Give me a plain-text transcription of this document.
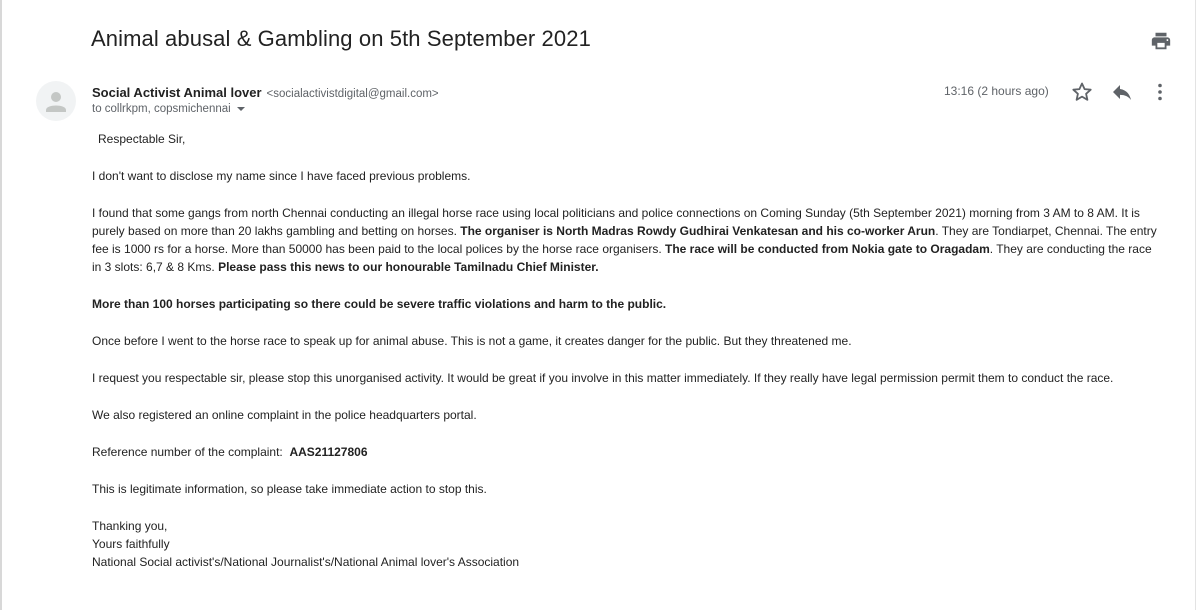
Animal abusal & Gambling on 5th September 2021
Social Activist Animal lover <socialactivistdigital@gmail.com>
to collrkpm, copsmichennai
13:16 (2 hours ago)

Respectable Sir,

I don't want to disclose my name since I have faced previous problems.

I found that some gangs from north Chennai conducting an illegal horse race using local politicians and police connections on Coming Sunday (5th September 2021) morning from 3 AM to 8 AM. It is purely based on more than 20 lakhs gambling and betting on horses. The organiser is North Madras Rowdy Gudhirai Venkatesan and his co-worker Arun. They are Tondiarpet, Chennai. The entry fee is 1000 rs for a horse. More than 50000 has been paid to the local polices by the horse race organisers. The race will be conducted from Nokia gate to Oragadam. They are conducting the race in 3 slots: 6,7 & 8 Kms. Please pass this news to our honourable Tamilnadu Chief Minister.

More than 100 horses participating so there could be severe traffic violations and harm to the public.

Once before I went to the horse race to speak up for animal abuse. This is not a game, it creates danger for the public. But they threatened me.

I request you respectable sir, please stop this unorganised activity. It would be great if you involve in this matter immediately. If they really have legal permission permit them to conduct the race.

We also registered an online complaint in the police headquarters portal.

Reference number of the complaint:  AAS21127806

This is legitimate information, so please take immediate action to stop this.

Thanking you,

Yours faithfully

National Social activist's/National Journalist's/National Animal lover's Association
